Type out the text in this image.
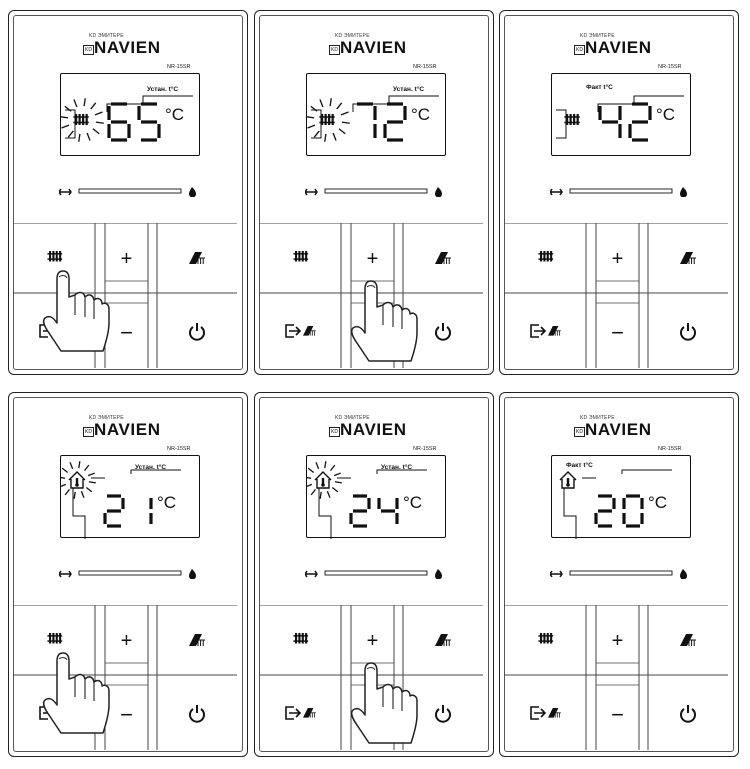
KD ЭМИТЕРЕ
KD NAVIEN
NR-15SR
°C
Устан. t°C
+
−
KD ЭМИТЕРЕ
KD NAVIEN
NR-15SR
°C
Устан. t°C
+
KD ЭМИТЕРЕ
KD NAVIEN
NR-15SR
°C
Факт t°C
+
−
KD ЭМИТЕРЕ
KD NAVIEN
NR-15SR
°C
Устан. t°C
+
−
KD ЭМИТЕРЕ
KD NAVIEN
NR-15SR
°C
Устан. t°C
+
KD ЭМИТЕРЕ
KD NAVIEN
NR-15SR
°C
Факт t°C
+
−
